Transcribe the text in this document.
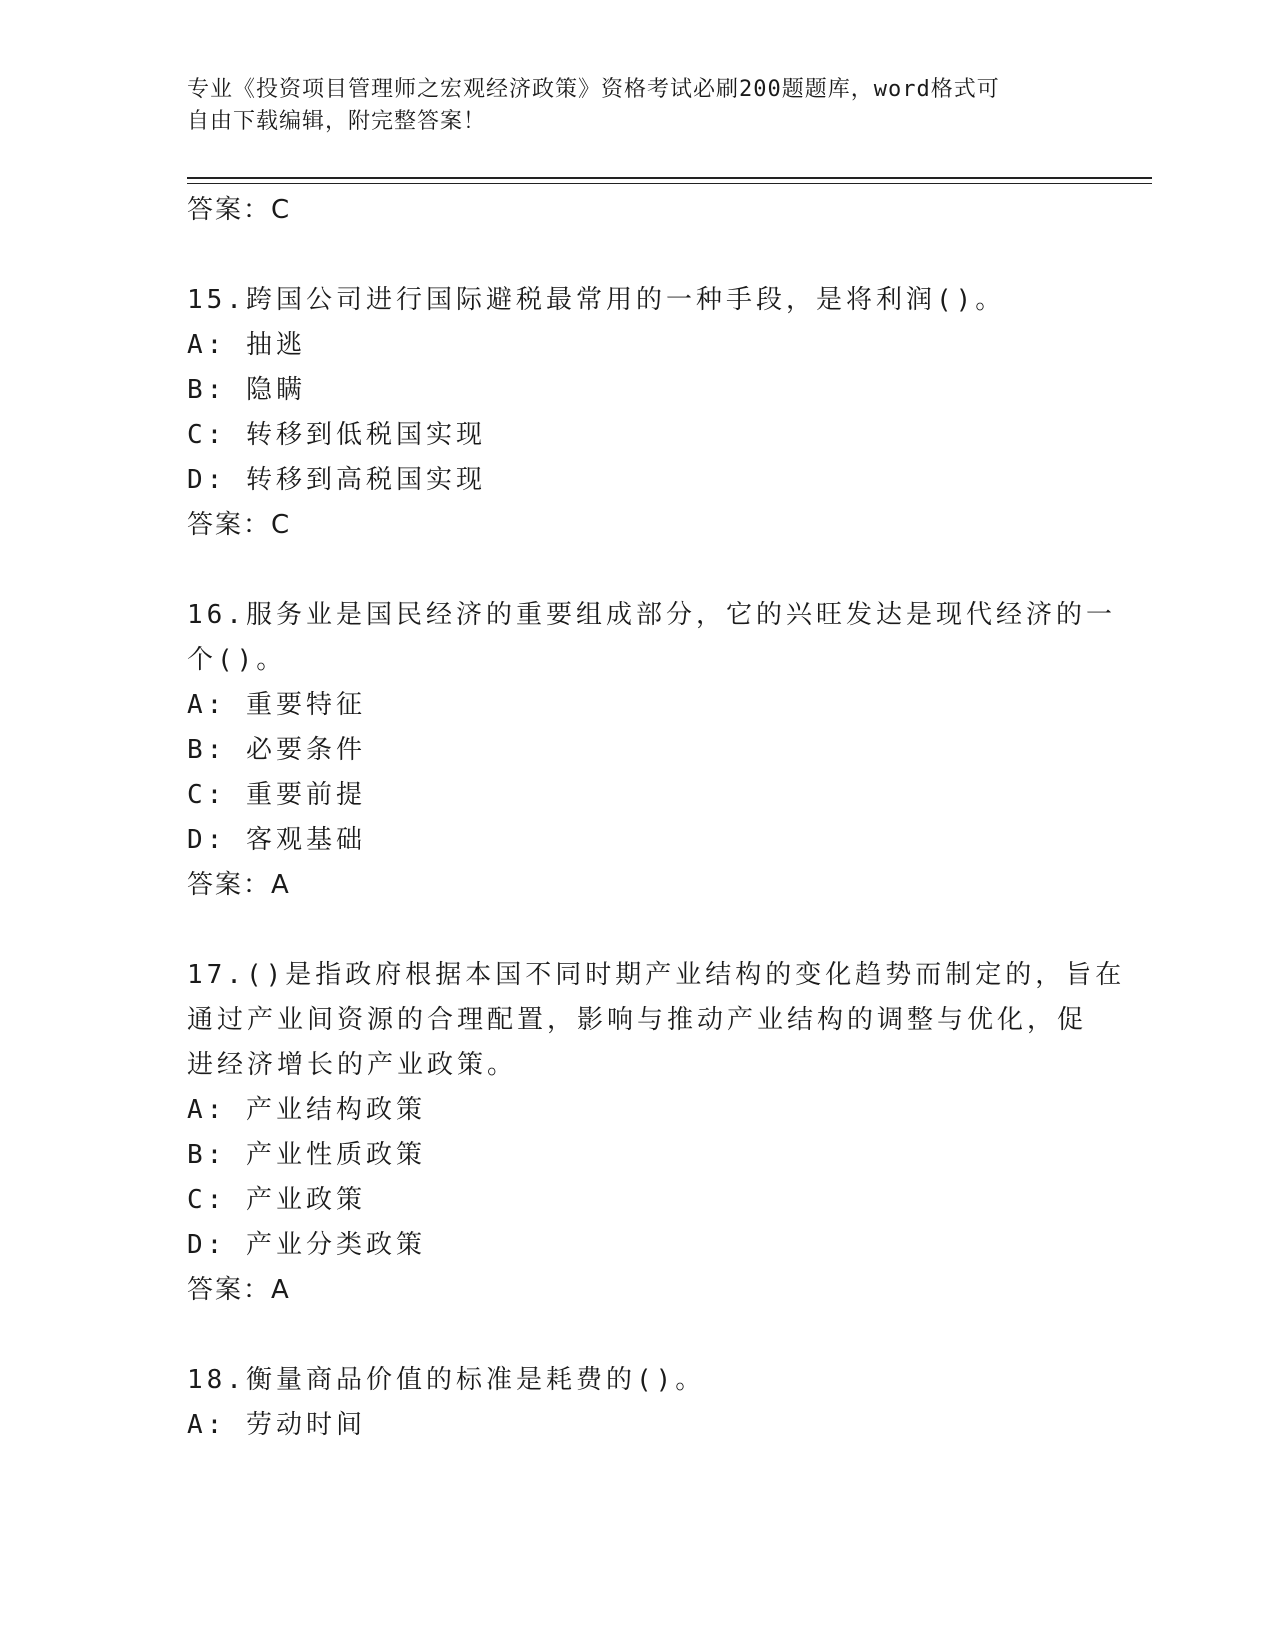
专业《投资项目管理师之宏观经济政策》资格考试必刷200题题库，word格式可
自由下载编辑，附完整答案！
答案：C
15.跨国公司进行国际避税最常用的一种手段，是将利润()。
A: 抽逃
B: 隐瞒
C: 转移到低税国实现
D: 转移到高税国实现
答案：C
16.服务业是国民经济的重要组成部分，它的兴旺发达是现代经济的一
个()。
A: 重要特征
B: 必要条件
C: 重要前提
D: 客观基础
答案：A
17.()是指政府根据本国不同时期产业结构的变化趋势而制定的，旨在
通过产业间资源的合理配置，影响与推动产业结构的调整与优化，促
进经济增长的产业政策。
A: 产业结构政策
B: 产业性质政策
C: 产业政策
D: 产业分类政策
答案：A
18.衡量商品价值的标准是耗费的()。
A: 劳动时间
